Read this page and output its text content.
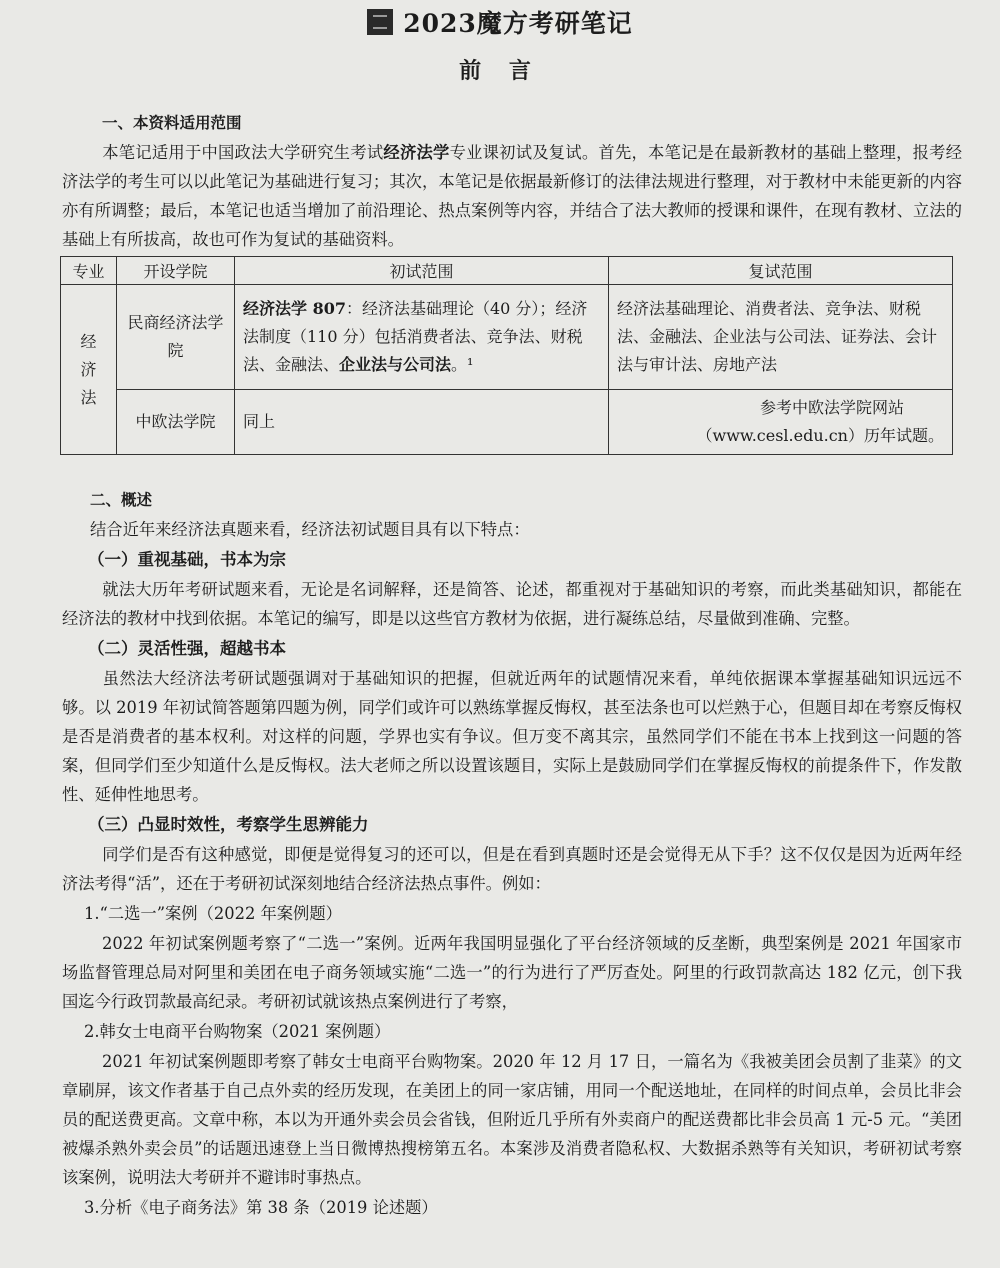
2023魔方考研笔记
前 言
一、本资料适用范围
本笔记适用于中国政法大学研究生考试经济法学专业课初试及复试。首先，本笔记是在最新教材的基础上整理，报考经济法学的考生可以以此笔记为基础进行复习；其次，本笔记是依据最新修订的法律法规进行整理，对于教材中未能更新的内容亦有所调整；最后，本笔记也适当增加了前沿理论、热点案例等内容，并结合了法大教师的授课和课件，在现有教材、立法的基础上有所拔高，故也可作为复试的基础资料。
专业	开设学院	初试范围	复试范围
经济法	民商经济法学院	经济法学 807：经济法基础理论（40 分）；经济法制度（110 分）包括消费者法、竞争法、财税法、金融法、企业法与公司法。¹	经济法基础理论、消费者法、竞争法、财税法、金融法、企业法与公司法、证券法、会计法与审计法、房地产法
	中欧法学院	同上	参考中欧法学院网站
（www.cesl.edu.cn）历年试题。
二、概述
结合近年来经济法真题来看，经济法初试题目具有以下特点：
（一）重视基础，书本为宗
就法大历年考研试题来看，无论是名词解释，还是简答、论述，都重视对于基础知识的考察，而此类基础知识，都能在经济法的教材中找到依据。本笔记的编写，即是以这些官方教材为依据，进行凝练总结，尽量做到准确、完整。
（二）灵活性强，超越书本
虽然法大经济法考研试题强调对于基础知识的把握，但就近两年的试题情况来看，单纯依据课本掌握基础知识远远不够。以 2019 年初试简答题第四题为例，同学们或许可以熟练掌握反悔权，甚至法条也可以烂熟于心，但题目却在考察反悔权是否是消费者的基本权利。对这样的问题，学界也实有争议。但万变不离其宗，虽然同学们不能在书本上找到这一问题的答案，但同学们至少知道什么是反悔权。法大老师之所以设置该题目，实际上是鼓励同学们在掌握反悔权的前提条件下，作发散性、延伸性地思考。
（三）凸显时效性，考察学生思辨能力
同学们是否有这种感觉，即便是觉得复习的还可以，但是在看到真题时还是会觉得无从下手？这不仅仅是因为近两年经济法考得“活”，还在于考研初试深刻地结合经济法热点事件。例如：
1.“二选一”案例（2022 年案例题）
2022 年初试案例题考察了“二选一”案例。近两年我国明显强化了平台经济领域的反垄断，典型案例是 2021 年国家市场监督管理总局对阿里和美团在电子商务领域实施“二选一”的行为进行了严厉查处。阿里的行政罚款高达 182 亿元，创下我国迄今行政罚款最高纪录。考研初试就该热点案例进行了考察，
2.韩女士电商平台购物案（2021 案例题）
2021 年初试案例题即考察了韩女士电商平台购物案。2020 年 12 月 17 日，一篇名为《我被美团会员割了韭菜》的文章刷屏，该文作者基于自己点外卖的经历发现，在美团上的同一家店铺，用同一个配送地址，在同样的时间点单，会员比非会员的配送费更高。文章中称，本以为开通外卖会员会省钱，但附近几乎所有外卖商户的配送费都比非会员高 1 元-5 元。“美团被爆杀熟外卖会员”的话题迅速登上当日微博热搜榜第五名。本案涉及消费者隐私权、大数据杀熟等有关知识，考研初试考察该案例，说明法大考研并不避讳时事热点。
3.分析《电子商务法》第 38 条（2019 论述题）
